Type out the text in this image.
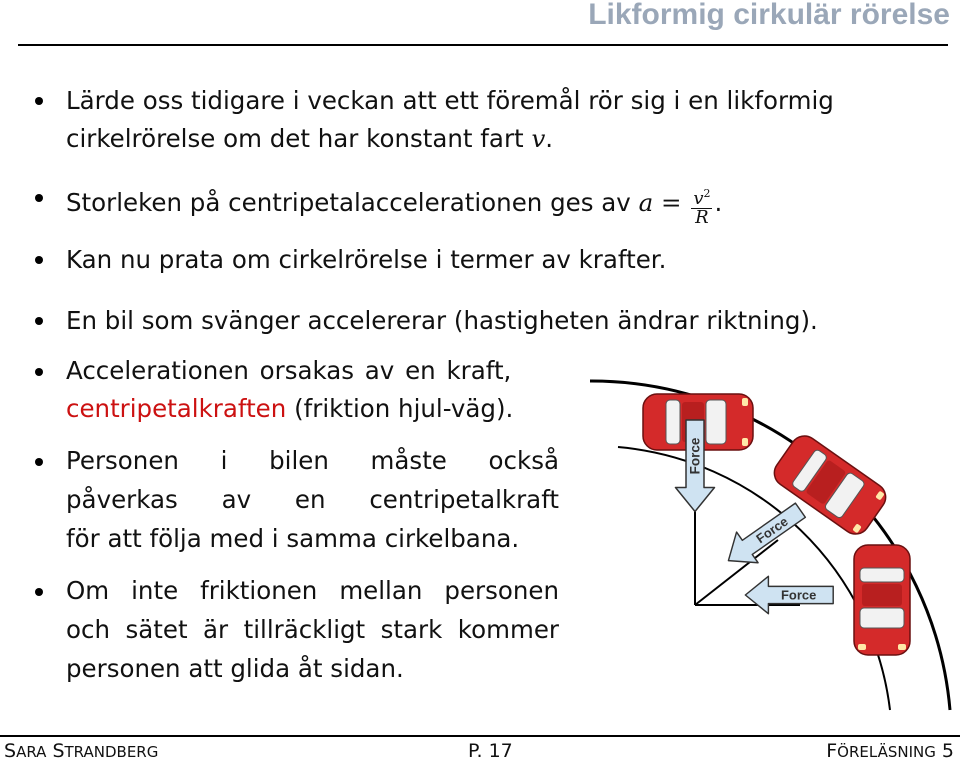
Likformig cirkulär rörelse
Lärde oss tidigare i veckan att ett föremål rör sig i en likformig
cirkelrörelse om det har konstant fart v.
Storleken på centripetalaccelerationen ges av $a = \frac{v^2}{R}$ .
Kan nu prata om cirkelrörelse i termer av krafter.
En bil som svänger accelererar (hastigheten ändrar riktning).
Accelerationen orsakas av en kraft,
centripetalkraften (friktion hjul-väg).
Personen i bilen måste också
påverkas av en centripetalkraft
för att följa med i samma cirkelbana.
Om inte friktionen mellan personen
och sätet är tillräckligt stark kommer
personen att glida åt sidan.
Force
Force
Force
SARA STRANDBERG	P. 17	FÖRELÄSNING 5
